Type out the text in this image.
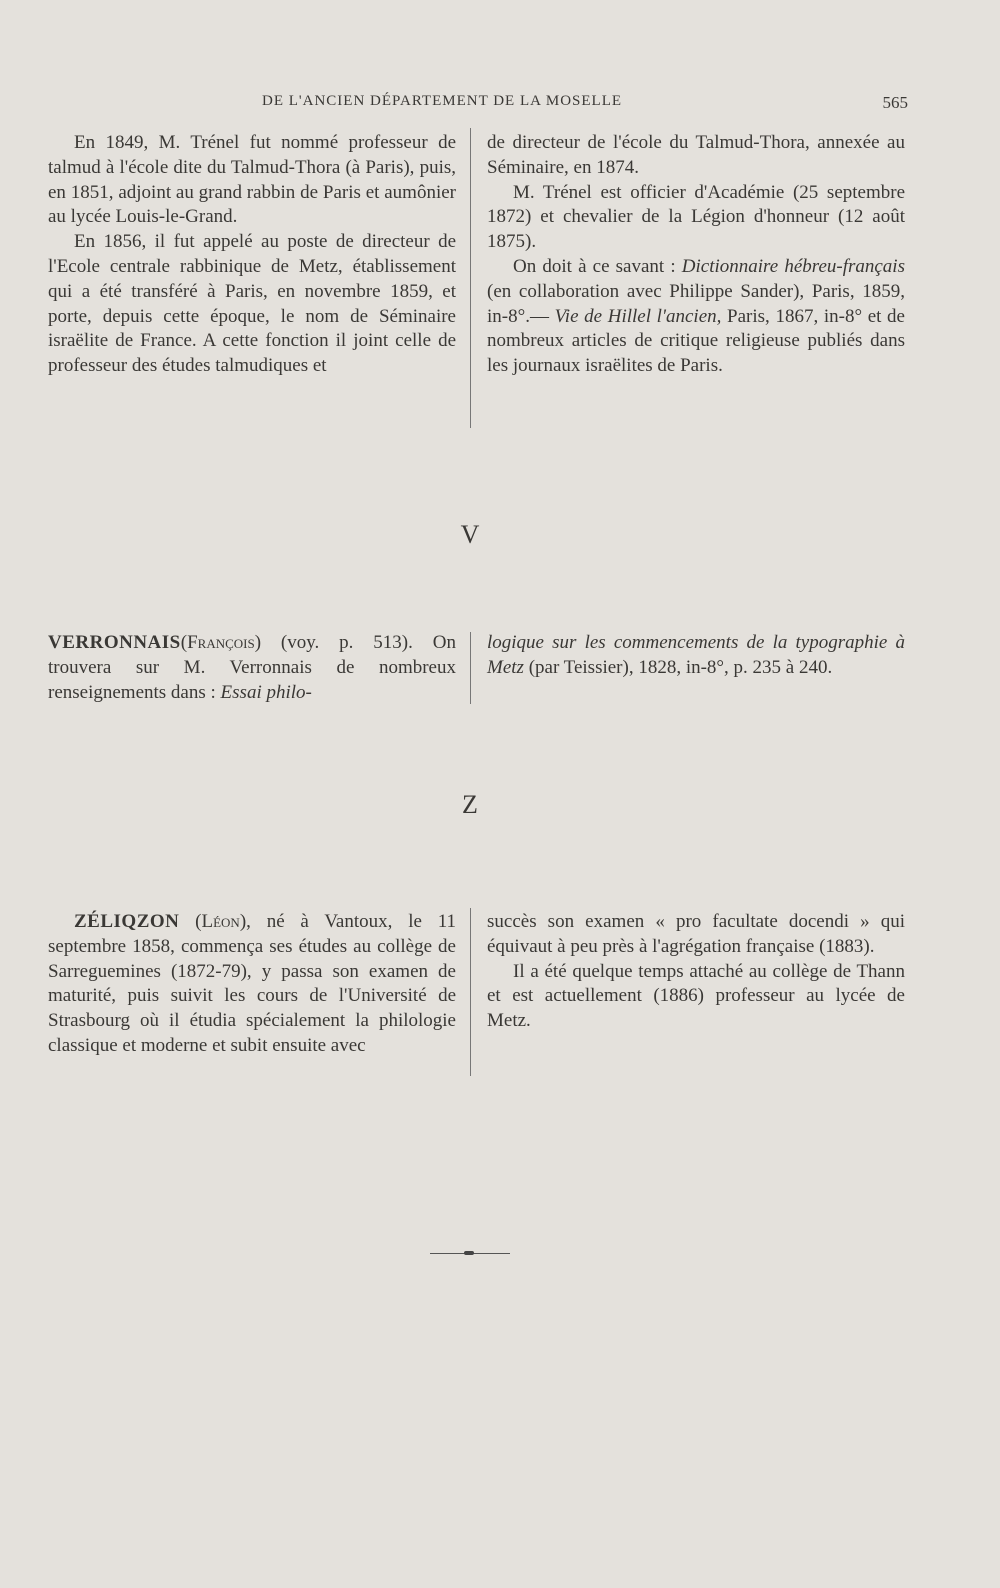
DE L'ANCIEN DÉPARTEMENT DE LA MOSELLE	565

En 1849, M. Trénel fut nommé professeur de talmud à l'école dite du Talmud-Thora (à Paris), puis, en 1851, adjoint au grand rabbin de Paris et aumônier au lycée Louis-le-Grand.

En 1856, il fut appelé au poste de directeur de l'Ecole centrale rabbinique de Metz, établissement qui a été transféré à Paris, en novembre 1859, et porte, depuis cette époque, le nom de Séminaire israëlite de France. A cette fonction il joint celle de professeur des études talmudiques et

de directeur de l'école du Talmud-Thora, annexée au Séminaire, en 1874.

M. Trénel est officier d'Académie (25 septembre 1872) et chevalier de la Légion d'honneur (12 août 1875).

On doit à ce savant : Dictionnaire hébreu-français (en collaboration avec Philippe Sander), Paris, 1859, in-8°.— Vie de Hillel l'ancien, Paris, 1867, in-8° et de nombreux articles de critique religieuse publiés dans les journaux israëlites de Paris.

V

VERRONNAIS(François) (voy. p. 513). On trouvera sur M. Verronnais de nombreux renseignements dans : Essai philo-

logique sur les commencements de la typographie à Metz (par Teissier), 1828, in-8°, p. 235 à 240.

Z

ZÉLIQZON (Léon), né à Vantoux, le 11 septembre 1858, commença ses études au collège de Sarreguemines (1872-79), y passa son examen de maturité, puis suivit les cours de l'Université de Strasbourg où il étudia spécialement la philologie classique et moderne et subit ensuite avec

succès son examen « pro facultate docendi » qui équivaut à peu près à l'agrégation française (1883).

Il a été quelque temps attaché au collège de Thann et est actuellement (1886) professeur au lycée de Metz.
